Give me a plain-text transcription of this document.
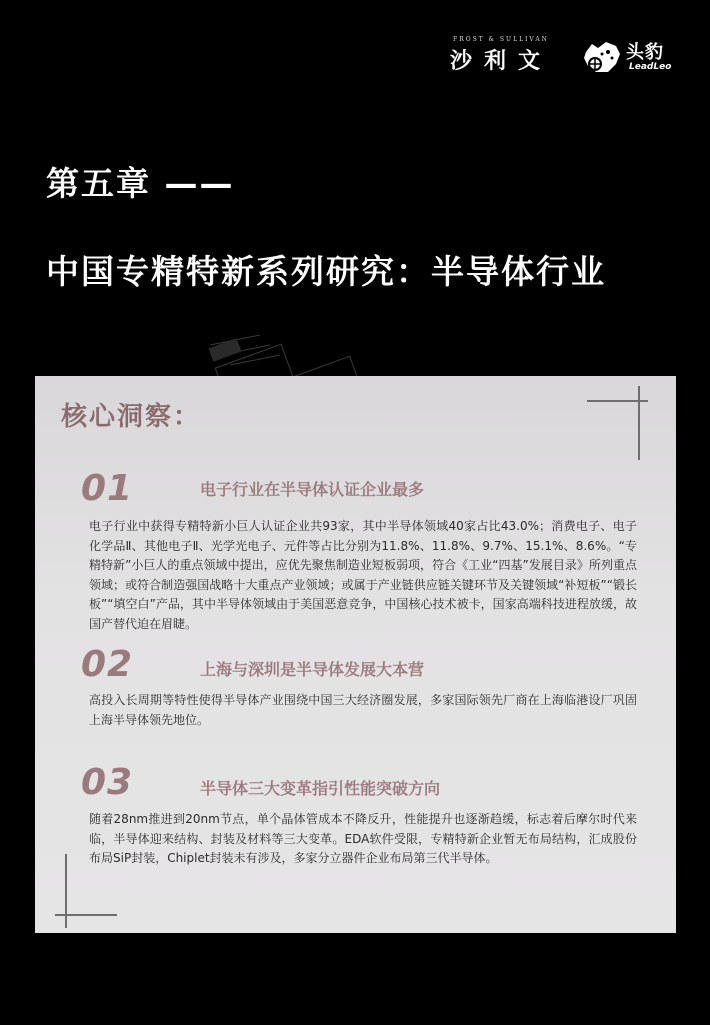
FROST & SULLIVAN
沙利文	头豹
LeadLeo
第五章 ——
中国专精特新系列研究：半导体行业
核心洞察：
01	电子行业在半导体认证企业最多
电子行业中获得专精特新小巨人认证企业共93家，其中半导体领域40家占比43.0%；消费电子、电子化学品Ⅱ、其他电子Ⅱ、光学光电子、元件等占比分别为11.8%、11.8%、9.7%、15.1%、8.6%。“专精特新”小巨人的重点领域中提出，应优先聚焦制造业短板弱项，符合《工业“四基”发展目录》所列重点领域；或符合制造强国战略十大重点产业领域；或属于产业链供应链关键环节及关键领域“补短板”“锻长板”“填空白”产品，其中半导体领域由于美国恶意竞争，中国核心技术被卡，国家高端科技进程放缓，故国产替代迫在眉睫。
02	上海与深圳是半导体发展大本营
高投入长周期等特性使得半导体产业围绕中国三大经济圈发展，多家国际领先厂商在上海临港设厂巩固上海半导体领先地位。
03	半导体三大变革指引性能突破方向
随着28nm推进到20nm节点，单个晶体管成本不降反升，性能提升也逐渐趋缓，标志着后摩尔时代来临，半导体迎来结构、封装及材料等三大变革。EDA软件受限，专精特新企业暂无布局结构，汇成股份布局SiP封装，Chiplet封装未有涉及，多家分立器件企业布局第三代半导体。
